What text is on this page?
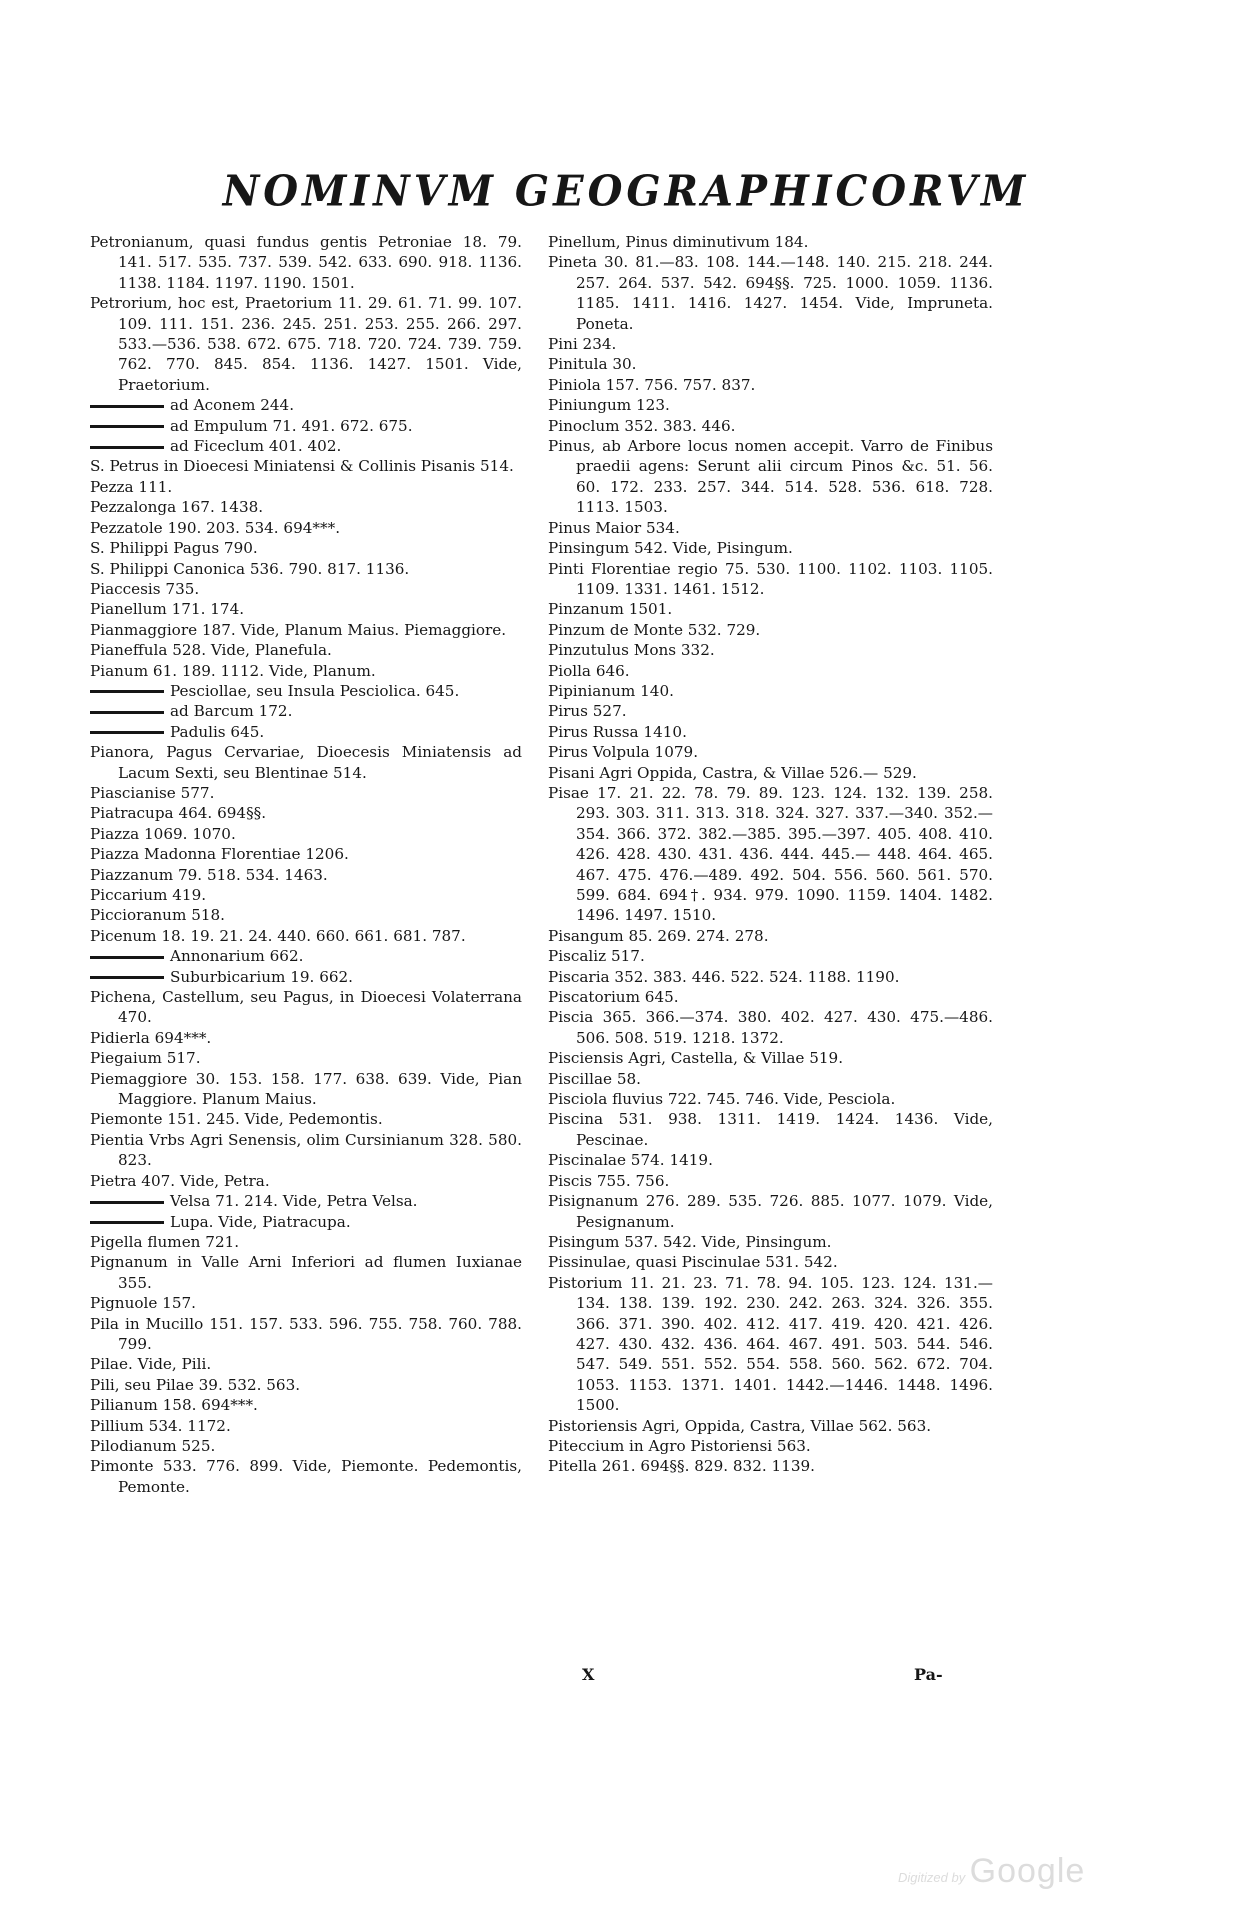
NOMINVM GEOGRAPHICORVM
Petronianum, quasi fundus gentis Petroniae 18. 79. 141. 517. 535. 737. 539. 542. 633. 690. 918. 1136. 1138. 1184. 1197. 1190. 1501.
Petrorium, hoc est, Praetorium 11. 29. 61. 71. 99. 107. 109. 111. 151. 236. 245. 251. 253. 255. 266. 297. 533.—536. 538. 672. 675. 718. 720. 724. 739. 759. 762. 770. 845. 854. 1136. 1427. 1501. Vide, Praetorium.
ad Aconem 244.
ad Empulum 71. 491. 672. 675.
ad Ficeclum 401. 402.
S. Petrus in Dioecesi Miniatensi & Collinis Pisanis 514.
Pezza 111.
Pezzalonga 167. 1438.
Pezzatole 190. 203. 534. 694***.
S. Philippi Pagus 790.
S. Philippi Canonica 536. 790. 817. 1136.
Piaccesis 735.
Pianellum 171. 174.
Pianmaggiore 187. Vide, Planum Maius. Piemaggiore.
Pianeffula 528. Vide, Planefula.
Pianum 61. 189. 1112. Vide, Planum.
Pesciollae, seu Insula Pesciolica. 645.
ad Barcum 172.
Padulis 645.
Pianora, Pagus Cervariae, Dioecesis Miniatensis ad Lacum Sexti, seu Blentinae 514.
Piascianise 577.
Piatracupa 464. 694§§.
Piazza 1069. 1070.
Piazza Madonna Florentiae 1206.
Piazzanum 79. 518. 534. 1463.
Piccarium 419.
Piccioranum 518.
Picenum 18. 19. 21. 24. 440. 660. 661. 681. 787.
Annonarium 662.
Suburbicarium 19. 662.
Pichena, Castellum, seu Pagus, in Dioecesi Volaterrana 470.
Pidierla 694***.
Piegaium 517.
Piemaggiore 30. 153. 158. 177. 638. 639. Vide, Pian Maggiore. Planum Maius.
Piemonte 151. 245. Vide, Pedemontis.
Pientia Vrbs Agri Senensis, olim Cursinianum 328. 580. 823.
Pietra 407. Vide, Petra.
Velsa 71. 214. Vide, Petra Velsa.
Lupa. Vide, Piatracupa.
Pigella flumen 721.
Pignanum in Valle Arni Inferiori ad flumen Iuxianae 355.
Pignuole 157.
Pila in Mucillo 151. 157. 533. 596. 755. 758. 760. 788. 799.
Pilae. Vide, Pili.
Pili, seu Pilae 39. 532. 563.
Pilianum 158. 694***.
Pillium 534. 1172.
Pilodianum 525.
Pimonte 533. 776. 899. Vide, Piemonte. Pedemontis, Pemonte.
Pinellum, Pinus diminutivum 184.
Pineta 30. 81.—83. 108. 144.—148. 140. 215. 218. 244. 257. 264. 537. 542. 694§§. 725. 1000. 1059. 1136. 1185. 1411. 1416. 1427. 1454. Vide, Impruneta. Poneta.
Pini 234.
Pinitula 30.
Piniola 157. 756. 757. 837.
Piniungum 123.
Pinoclum 352. 383. 446.
Pinus, ab Arbore locus nomen accepit. Varro de Finibus praedii agens: Serunt alii circum Pinos &c. 51. 56. 60. 172. 233. 257. 344. 514. 528. 536. 618. 728. 1113. 1503.
Pinus Maior 534.
Pinsingum 542. Vide, Pisingum.
Pinti Florentiae regio 75. 530. 1100. 1102. 1103. 1105. 1109. 1331. 1461. 1512.
Pinzanum 1501.
Pinzum de Monte 532. 729.
Pinzutulus Mons 332.
Piolla 646.
Pipinianum 140.
Pirus 527.
Pirus Russa 1410.
Pirus Volpula 1079.
Pisani Agri Oppida, Castra, & Villae 526.— 529.
Pisae 17. 21. 22. 78. 79. 89. 123. 124. 132. 139. 258. 293. 303. 311. 313. 318. 324. 327. 337.—340. 352.—354. 366. 372. 382.—385. 395.—397. 405. 408. 410. 426. 428. 430. 431. 436. 444. 445.— 448. 464. 465. 467. 475. 476.—489. 492. 504. 556. 560. 561. 570. 599. 684. 694†. 934. 979. 1090. 1159. 1404. 1482. 1496. 1497. 1510.
Pisangum 85. 269. 274. 278.
Piscaliz 517.
Piscaria 352. 383. 446. 522. 524. 1188. 1190.
Piscatorium 645.
Piscia 365. 366.—374. 380. 402. 427. 430. 475.—486. 506. 508. 519. 1218. 1372.
Pisciensis Agri, Castella, & Villae 519.
Piscillae 58.
Pisciola fluvius 722. 745. 746. Vide, Pesciola.
Piscina 531. 938. 1311. 1419. 1424. 1436. Vide, Pescinae.
Piscinalae 574. 1419.
Piscis 755. 756.
Pisignanum 276. 289. 535. 726. 885. 1077. 1079. Vide, Pesignanum.
Pisingum 537. 542. Vide, Pinsingum.
Pissinulae, quasi Piscinulae 531. 542.
Pistorium 11. 21. 23. 71. 78. 94. 105. 123. 124. 131.—134. 138. 139. 192. 230. 242. 263. 324. 326. 355. 366. 371. 390. 402. 412. 417. 419. 420. 421. 426. 427. 430. 432. 436. 464. 467. 491. 503. 544. 546. 547. 549. 551. 552. 554. 558. 560. 562. 672. 704. 1053. 1153. 1371. 1401. 1442.—1446. 1448. 1496. 1500.
Pistoriensis Agri, Oppida, Castra, Villae 562. 563.
Piteccium in Agro Pistoriensi 563.
Pitella 261. 694§§. 829. 832. 1139.
X	Pa-
Digitized by Google
